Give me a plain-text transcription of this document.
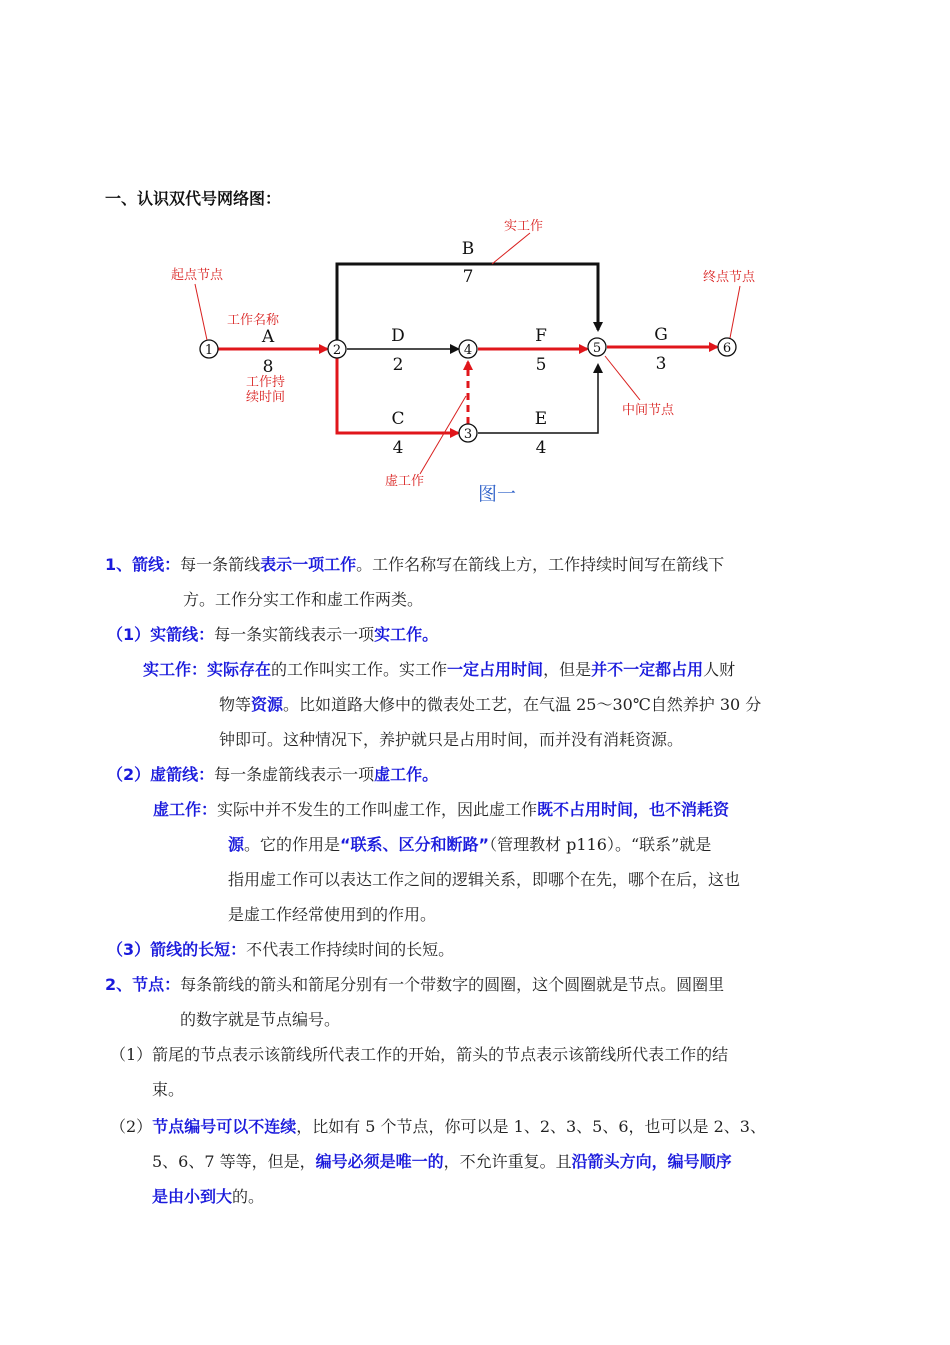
一、认识双代号网络图：
1	2
3
4	5	6
A
8
B
7
C
4
D
2
E
4
F
5
G
3
起点节点	终点节点
实工作
工作名称
工作持
续时间
中间节点
虚工作
图一
1、箭线：每一条箭线表示一项工作。工作名称写在箭线上方，工作持续时间写在箭线下
方。工作分实工作和虚工作两类。
（1）实箭线：每一条实箭线表示一项实工作。
实工作：实际存在的工作叫实工作。实工作一定占用时间，但是并不一定都占用人财
物等资源。比如道路大修中的微表处工艺，在气温 25～30℃自然养护 30 分
钟即可。这种情况下，养护就只是占用时间，而并没有消耗资源。
（2）虚箭线：每一条虚箭线表示一项虚工作。
虚工作：实际中并不发生的工作叫虚工作，因此虚工作既不占用时间，也不消耗资
源。它的作用是“联系、区分和断路”（管理教材 p116）。“联系”就是
指用虚工作可以表达工作之间的逻辑关系，即哪个在先，哪个在后，这也
是虚工作经常使用到的作用。
（3）箭线的长短：不代表工作持续时间的长短。
2、节点：每条箭线的箭头和箭尾分别有一个带数字的圆圈，这个圆圈就是节点。圆圈里
的数字就是节点编号。
（1）箭尾的节点表示该箭线所代表工作的开始，箭头的节点表示该箭线所代表工作的结
束。
（2）节点编号可以不连续，比如有 5 个节点，你可以是 1、2、3、5、6，也可以是 2、3、
5、6、7 等等，但是，编号必须是唯一的，不允许重复。且沿箭头方向，编号顺序
是由小到大的。
